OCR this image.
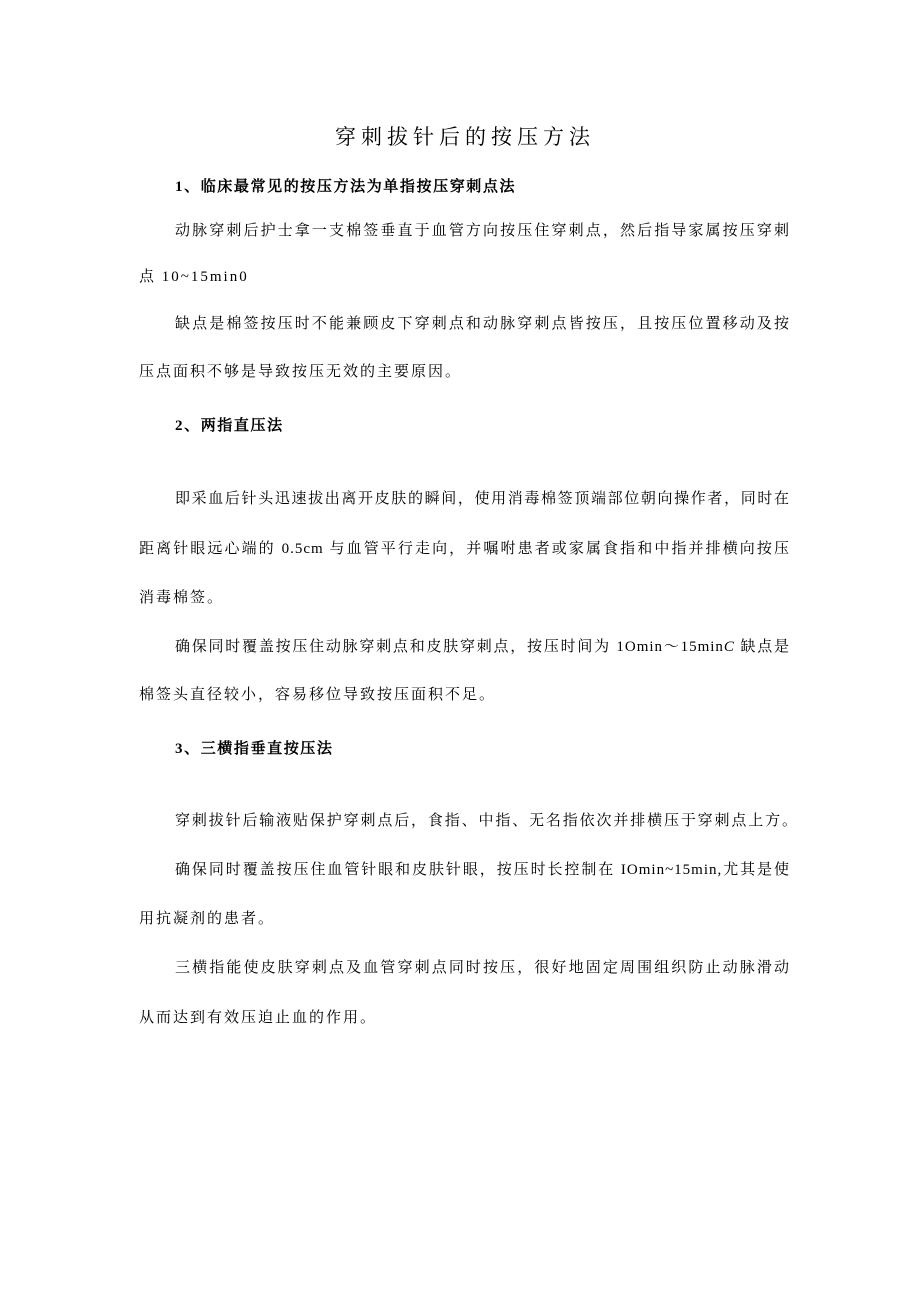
穿刺拔针后的按压方法
1、临床最常见的按压方法为单指按压穿刺点法
动脉穿刺后护士拿一支棉签垂直于血管方向按压住穿刺点，然后指导家属按压穿刺
点 10~15min0
缺点是棉签按压时不能兼顾皮下穿刺点和动脉穿刺点皆按压，且按压位置移动及按
压点面积不够是导致按压无效的主要原因。
2、两指直压法
即采血后针头迅速拔出离开皮肤的瞬间，使用消毒棉签顶端部位朝向操作者，同时在
距离针眼远心端的 0.5cm 与血管平行走向，并嘱咐患者或家属食指和中指并排横向按压
消毒棉签。
确保同时覆盖按压住动脉穿刺点和皮肤穿刺点，按压时间为 1Omin～15minC 缺点是
棉签头直径较小，容易移位导致按压面积不足。
3、三横指垂直按压法
穿刺拔针后输液贴保护穿刺点后，食指、中指、无名指依次并排横压于穿刺点上方。
确保同时覆盖按压住血管针眼和皮肤针眼，按压时长控制在 IOmin~15min,尤其是使
用抗凝剂的患者。
三横指能使皮肤穿刺点及血管穿刺点同时按压，很好地固定周围组织防止动脉滑动
从而达到有效压迫止血的作用。
